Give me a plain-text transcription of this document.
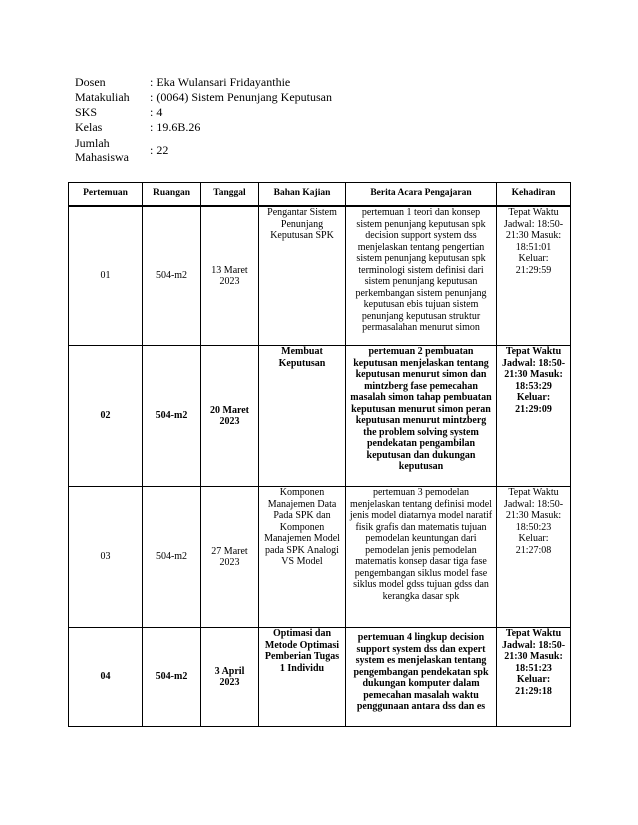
Dosen	: Eka Wulansari Fridayanthie
Matakuliah	: (0064) Sistem Penunjang Keputusan
SKS	: 4
Kelas	: 19.6B.26
Jumlah Mahasiswa	: 22
Pertemuan	Ruangan	Tanggal	Bahan Kajian	Berita Acara Pengajaran	Kehadiran
01	504-m2	13 Maret 2023	Pengantar Sistem Penunjang Keputusan SPK	pertemuan 1 teori dan konsep sistem penunjang keputusan spk decision support system dss menjelaskan tentang pengertian sistem penunjang keputusan spk terminologi sistem definisi dari sistem penunjang keputusan perkembangan sistem penunjang keputusan ebis tujuan sistem penunjang keputusan struktur permasalahan menurut simon	Tepat Waktu Jadwal: 18:50-21:30 Masuk: 18:51:01 Keluar: 21:29:59
02	504-m2	20 Maret 2023	Membuat Keputusan	pertemuan 2 pembuatan keputusan menjelaskan tentang keputusan menurut simon dan mintzberg fase pemecahan masalah simon tahap pembuatan keputusan menurut simon peran keputusan menurut mintzberg the problem solving system pendekatan pengambilan keputusan dan dukungan keputusan	Tepat Waktu Jadwal: 18:50-21:30 Masuk: 18:53:29 Keluar: 21:29:09
03	504-m2	27 Maret 2023	Komponen Manajemen Data Pada SPK dan Komponen Manajemen Model pada SPK Analogi VS Model	pertemuan 3 pemodelan menjelaskan tentang definisi model jenis model diatarnya model naratif fisik grafis dan matematis tujuan pemodelan keuntungan dari pemodelan jenis pemodelan matematis konsep dasar tiga fase pengembangan siklus model fase siklus model gdss tujuan gdss dan kerangka dasar spk	Tepat Waktu Jadwal: 18:50-21:30 Masuk: 18:50:23 Keluar: 21:27:08
04	504-m2	3 April 2023	Optimasi dan Metode Optimasi Pemberian Tugas 1 Individu	pertemuan 4 lingkup decision support system dss dan expert system es menjelaskan tentang pengembangan pendekatan spk dukungan komputer dalam pemecahan masalah waktu penggunaan antara dss dan es	Tepat Waktu Jadwal: 18:50-21:30 Masuk: 18:51:23 Keluar: 21:29:18
